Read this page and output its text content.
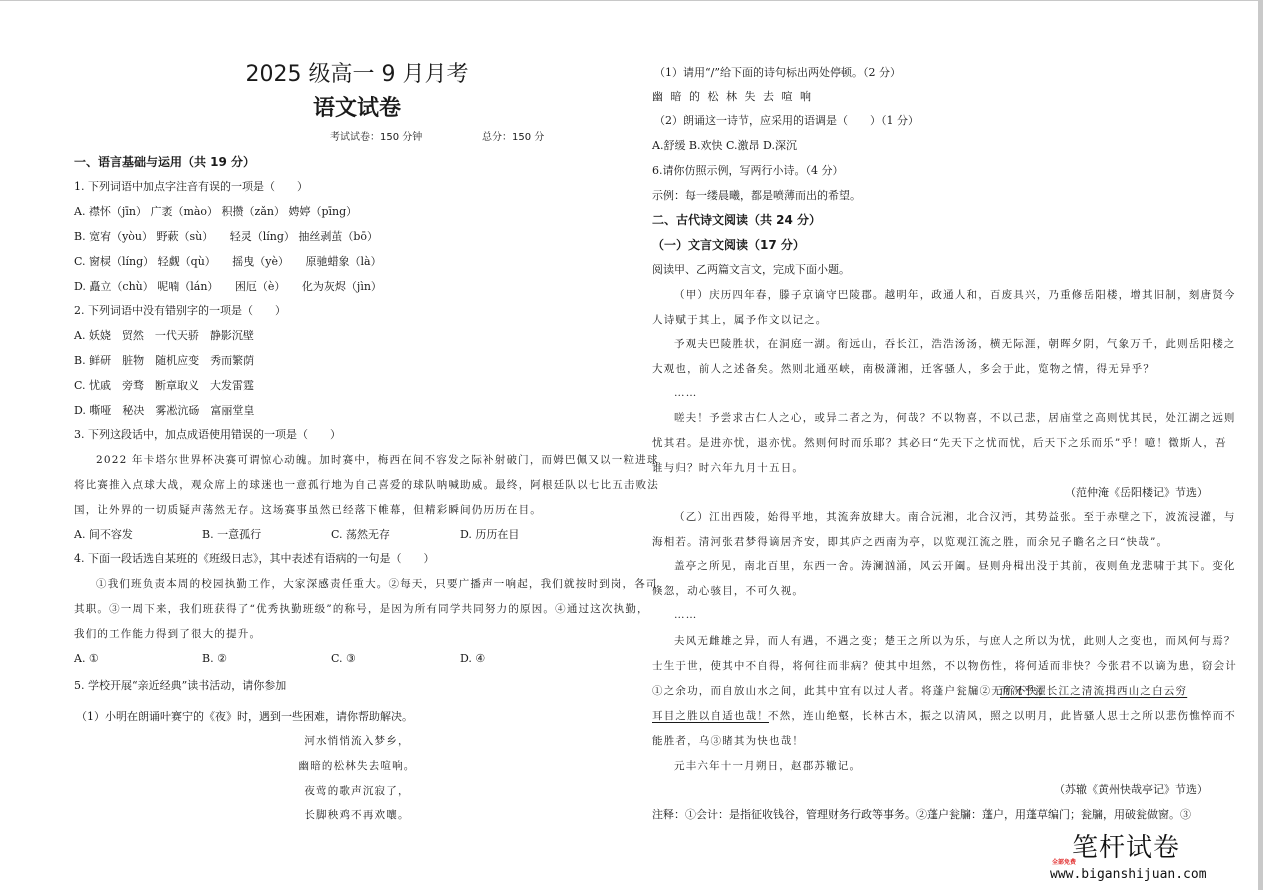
2025 级高一 9 月月考
语文试卷
考试试卷：150 分钟	总分：150 分
一、语言基础与运用（共 19 分）
1. 下列词语中加点字注音有误的一项是（　　）
A. 襟怀（jīn） 广袤（mào） 积攒（zǎn） 娉婷（pīng）
B. 宽宥（yòu） 野蔌（sù）　　轻灵（líng） 抽丝剥茧（bō）
C. 窗棂（líng） 轻觑（qù）　　摇曳（yè）　　原驰蜡象（là）
D. 矗立（chù） 呢喃（lán）　　困厄（è）　　化为灰烬（jìn）
2. 下列词语中没有错别字的一项是（　　）
A. 妖娆　贸然　一代天骄　静影沉壁
B. 鲜研　脏物　随机应变　秀而繁荫
C. 忧戚　旁骛　断章取义　大发雷霆
D. 嘶哑　秘决　雾凇沆砀　富丽堂皇
3. 下列这段话中，加点成语使用错误的一项是（　　）
2022 年卡塔尔世界杯决赛可谓惊心动魄。加时赛中，梅西在间不容发之际补射破门，而姆巴佩又以一粒进球
将比赛推入点球大战，观众席上的球迷也一意孤行地为自己喜爱的球队呐喊助威。最终，阿根廷队以七比五击败法
国，让外界的一切质疑声荡然无存。这场赛事虽然已经落下帷幕，但精彩瞬间仍历历在目。
A. 间不容发	B. 一意孤行	C. 荡然无存	D. 历历在目
4. 下面一段话选自某班的《班级日志》，其中表述有语病的一句是（　　）
①我们班负责本周的校园执勤工作，大家深感责任重大。②每天，只要广播声一响起，我们就按时到岗，各司
其职。③一周下来，我们班获得了“优秀执勤班级”的称号，是因为所有同学共同努力的原因。④通过这次执勤，
我们的工作能力得到了很大的提升。
A. ①	B. ②	C. ③	D. ④
5. 学校开展“亲近经典”读书活动，请你参加
（1）小明在朗诵叶赛宁的《夜》时，遇到一些困难，请你帮助解决。
河水悄悄流入梦乡，
幽暗的松林失去喧响。
夜莺的歌声沉寂了，
长脚秧鸡不再欢嚷。
（1）请用“/”给下面的诗句标出两处停顿。（2 分）
幽 暗 的 松 林 失 去 喧 响
（2）朗诵这一诗节，应采用的语调是（　　）（1 分）
A.舒缓 B.欢快 C.激昂 D.深沉
6.请你仿照示例，写两行小诗。（4 分）
示例：每一缕晨曦，都是喷薄而出的希望。
二、古代诗文阅读（共 24 分）
（一）文言文阅读（17 分）
阅读甲、乙两篇文言文，完成下面小题。
（甲）庆历四年春，滕子京谪守巴陵郡。越明年，政通人和，百废具兴，乃重修岳阳楼，增其旧制，刻唐贤今
人诗赋于其上，属予作文以记之。
予观夫巴陵胜状，在洞庭一湖。衔远山，吞长江，浩浩汤汤，横无际涯，朝晖夕阴，气象万千，此则岳阳楼之
大观也，前人之述备矣。然则北通巫峡，南极潇湘，迁客骚人，多会于此，览物之情，得无异乎？
……
嗟夫！予尝求古仁人之心，或异二者之为，何哉？不以物喜，不以己悲，居庙堂之高则忧其民，处江湖之远则
忧其君。是进亦忧，退亦忧。然则何时而乐耶？其必曰“先天下之忧而忧，后天下之乐而乐”乎！噫！微斯人，吾
谁与归？时六年九月十五日。
（范仲淹《岳阳楼记》节选）
（乙）江出西陵，始得平地，其流奔放肆大。南合沅湘，北合汉沔，其势益张。至于赤壁之下，波流浸灌，与
海相若。清河张君梦得谪居齐安，即其庐之西南为亭，以览观江流之胜，而余兄子瞻名之曰“快哉”。
盖亭之所见，南北百里，东西一舍。涛澜汹涌，风云开阖。昼则舟楫出没于其前，夜则鱼龙悲啸于其下。变化
倏忽，动心骇目，不可久视。
……
夫风无雌雄之异，而人有遇，不遇之变；楚王之所以为乐，与庶人之所以为忧，此则人之变也，而风何与焉？
士生于世，使其中不自得，将何往而非病？使其中坦然，不以物伤性，将何适而非快？今张君不以谪为患，窃会计
①之余功，而自放山水之间，此其中宜有以过人者。将蓬户瓮牖②无所不快；
而况乎濯长江之清流揖西山之白云穷
耳目之胜以自适也哉！ 不然，连山绝壑，长林古木，振之以清风，照之以明月，此皆骚人思士之所以悲伤憔悴而不
能胜者，乌③睹其为快也哉！
元丰六年十一月朔日，赵郡苏辙记。
（苏辙《黄州快哉亭记》节选）
注释：①会计：是指征收钱谷，管理财务行政等事务。②蓬户瓮牖：蓬户，用蓬草编门；瓮牖，用破瓮做窗。③
笔杆试卷
全部免费
www.biganshijuan.com
